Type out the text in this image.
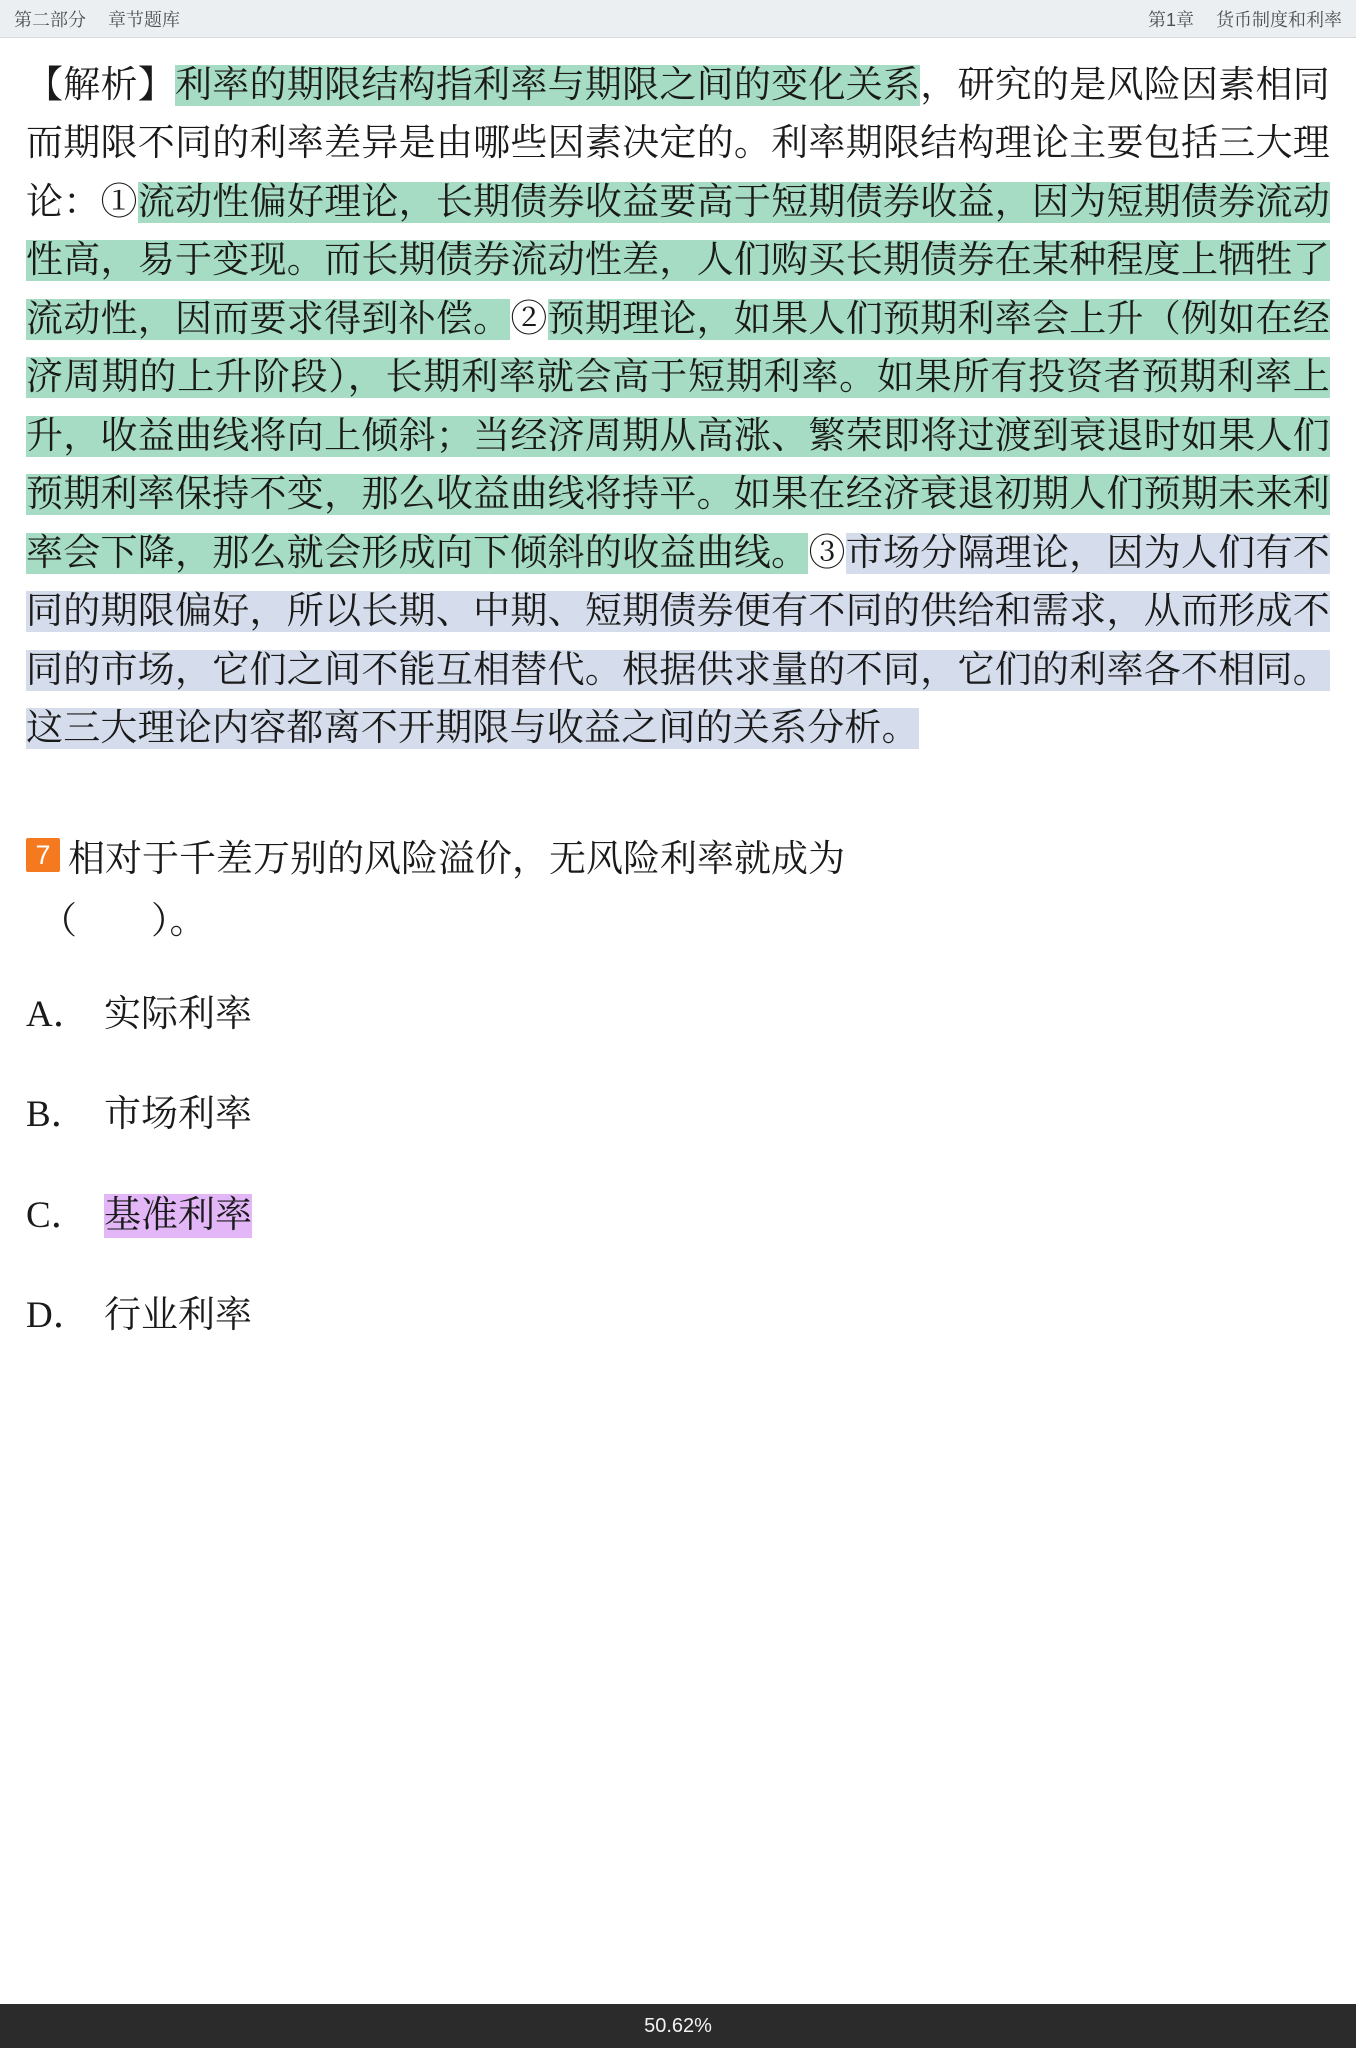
第二部分 章节题库	第1章 货币制度和利率
【解析】利率的期限结构指利率与期限之间的变化关系，研究的是风险因素相同而期限不同的利率差异是由哪些因素决定的。利率期限结构理论主要包括三大理论：①流动性偏好理论，长期债券收益要高于短期债券收益，因为短期债券流动性高，易于变现。而长期债券流动性差，人们购买长期债券在某种程度上牺牲了流动性，因而要求得到补偿。②预期理论，如果人们预期利率会上升（例如在经济周期的上升阶段），长期利率就会高于短期利率。如果所有投资者预期利率上升，收益曲线将向上倾斜；当经济周期从高涨、繁荣即将过渡到衰退时如果人们预期利率保持不变，那么收益曲线将持平。如果在经济衰退初期人们预期未来利率会下降，那么就会形成向下倾斜的收益曲线。③市场分隔理论，因为人们有不同的期限偏好，所以长期、中期、短期债券便有不同的供给和需求，从而形成不同的市场，它们之间不能互相替代。根据供求量的不同，它们的利率各不相同。这三大理论内容都离不开期限与收益之间的关系分析。
7 相对于千差万别的风险溢价，无风险利率就成为
（　　）。
A． 实际利率
B． 市场利率
C． 基准利率
D． 行业利率
50.62%
